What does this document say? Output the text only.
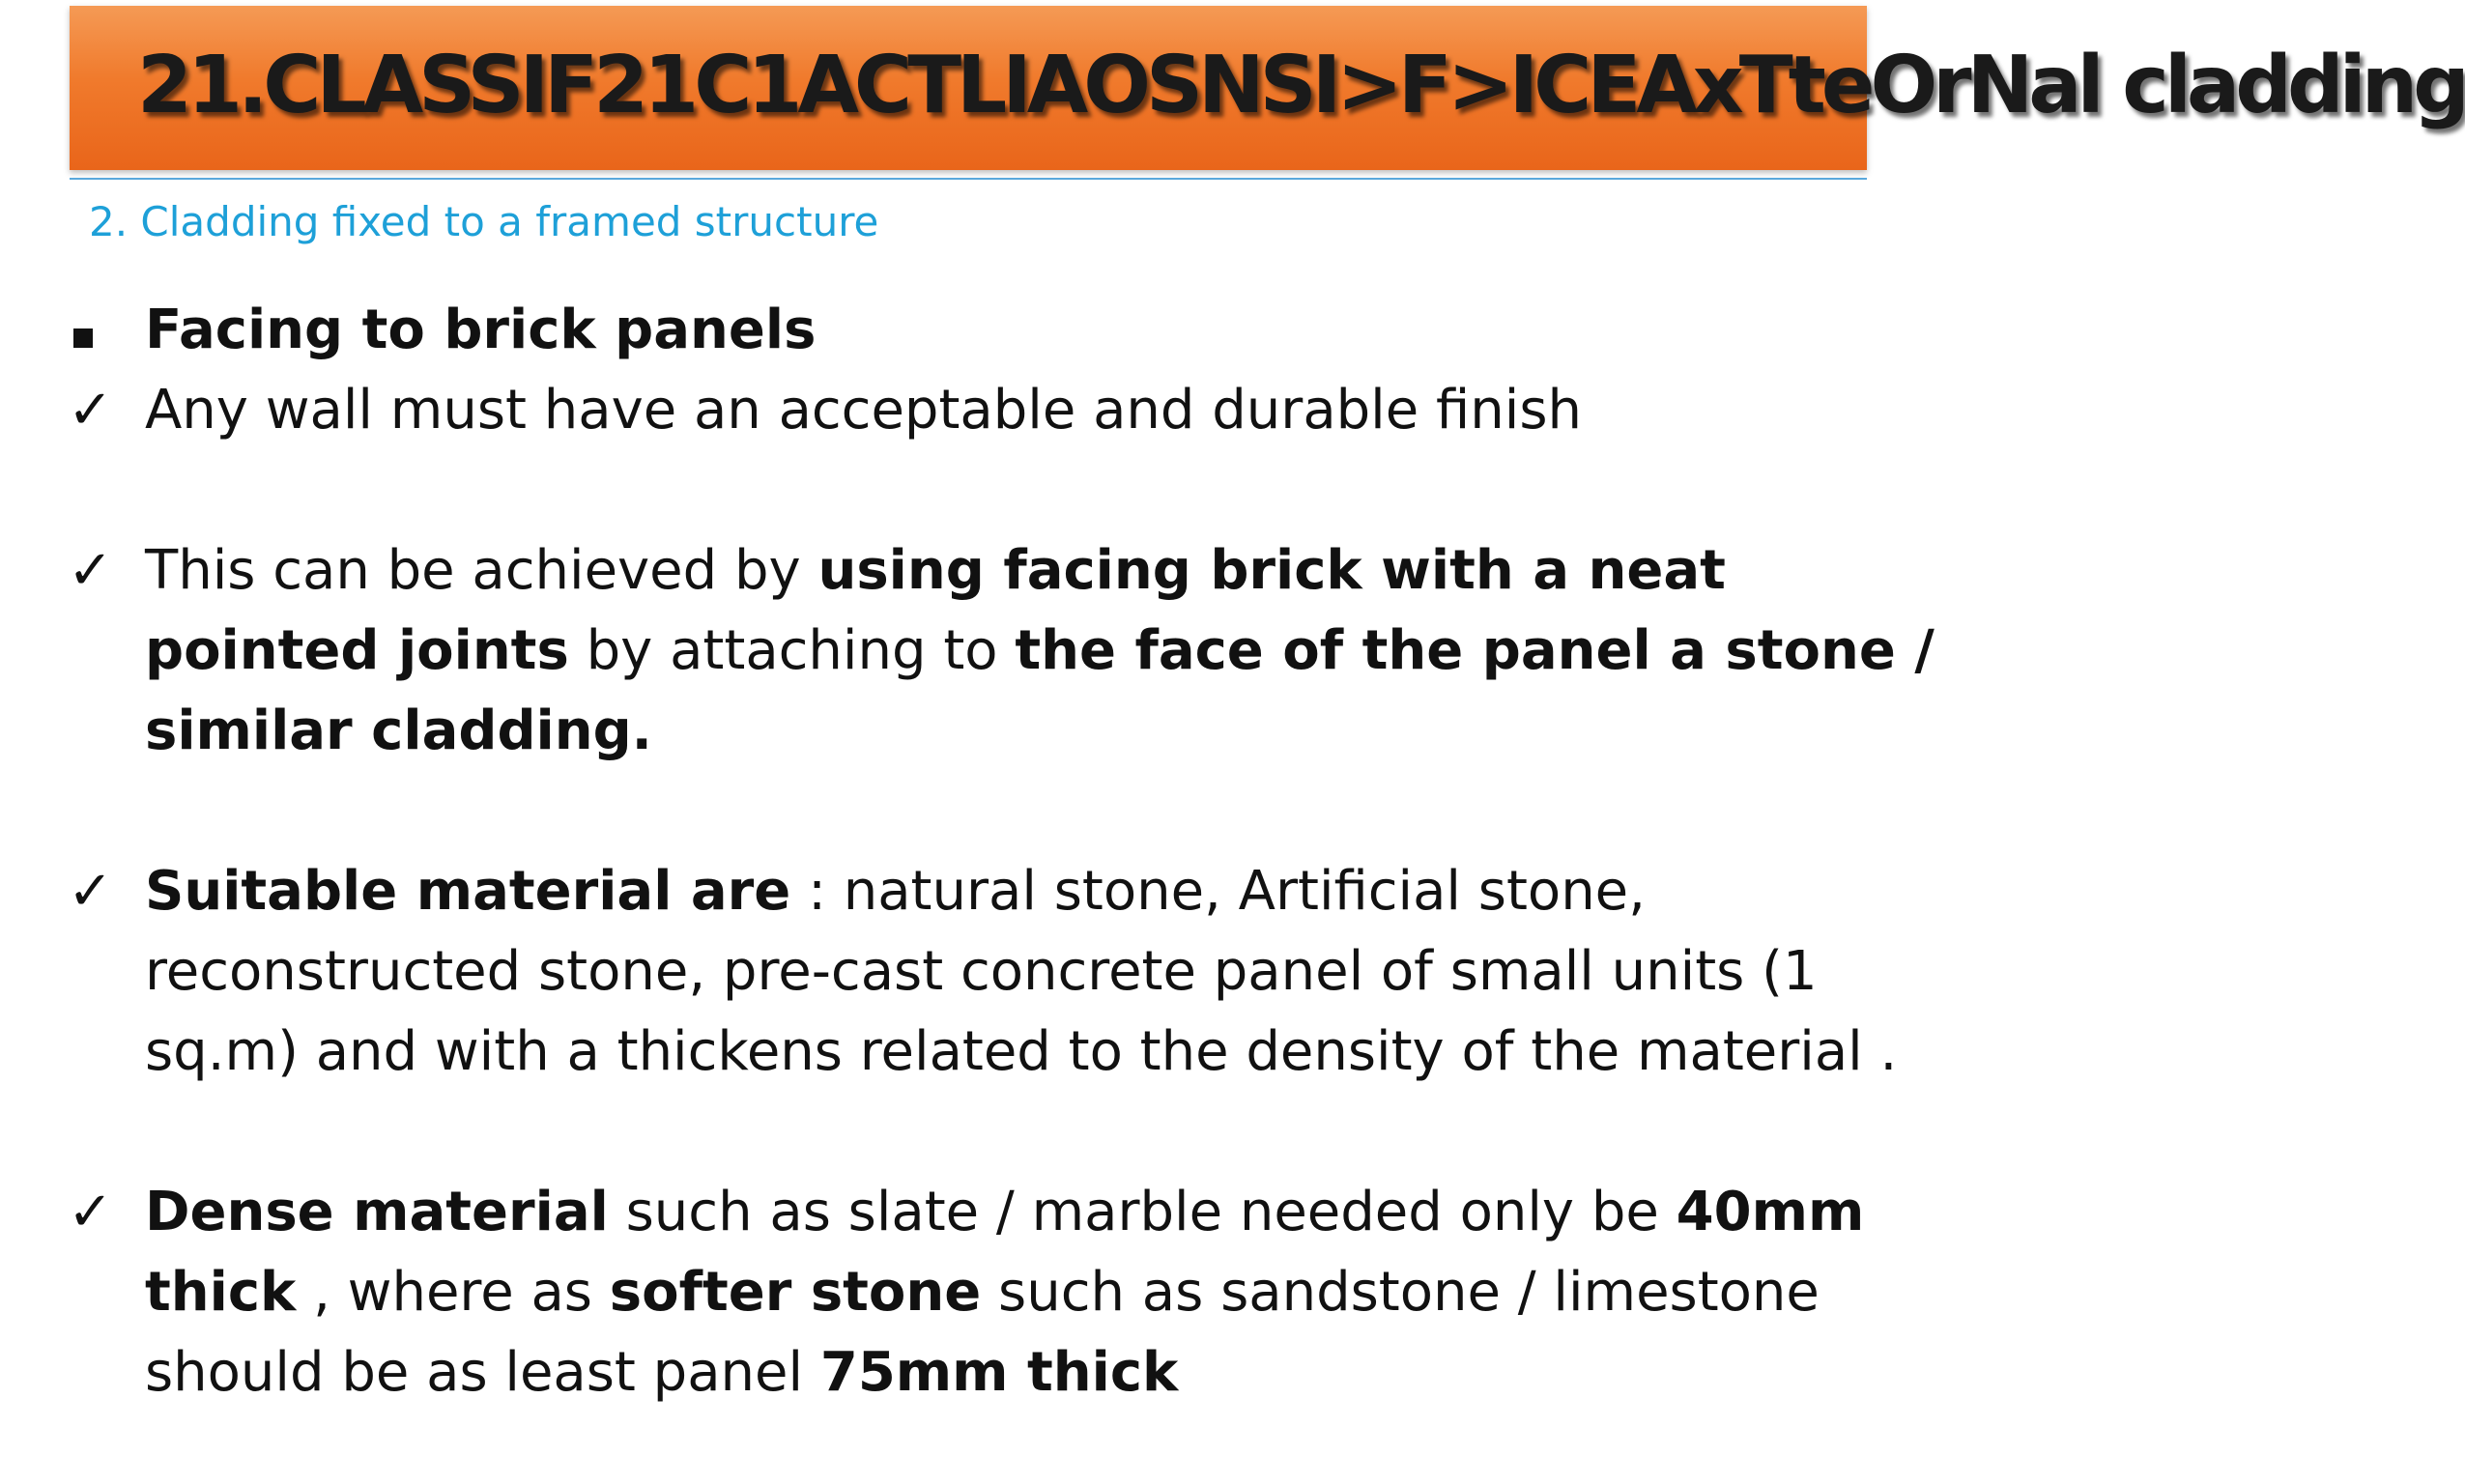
21.CLASSIF21C1ACTLIAOSNSI>F>ICEAxTteOrNal cladding
2. Cladding fixed to a framed structure
Facing to brick panels
✓ Any wall must have an acceptable and durable finish
✓ This can be achieved by using facing brick with a neat pointed joints by attaching to the face of the panel a stone / similar cladding.
✓ Suitable material are : natural stone, Artificial stone, reconstructed stone, pre-cast concrete panel of small units (1 sq.m) and with a thickens related to the density of the material .
✓ Dense material such as slate / marble needed only be 40mm thick , where as softer stone such as sandstone / limestone should be as least panel 75mm thick
